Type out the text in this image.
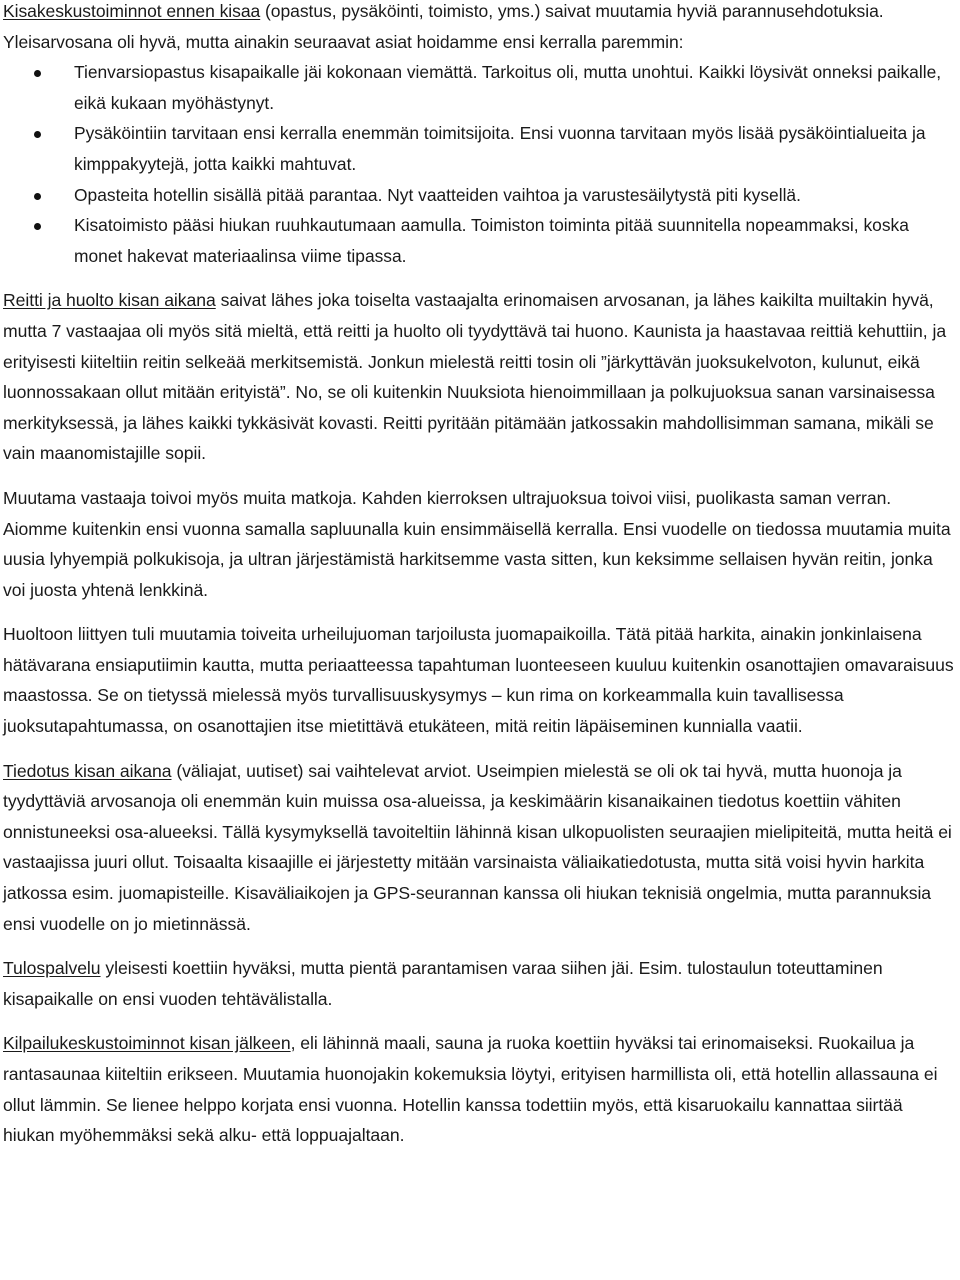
Kisakeskustoiminnot ennen kisaa (opastus, pysäköinti, toimisto, yms.) saivat muutamia hyviä parannusehdotuksia. Yleisarvosana oli hyvä, mutta ainakin seuraavat asiat hoidamme ensi kerralla paremmin:

Tienvarsiopastus kisapaikalle jäi kokonaan viemättä. Tarkoitus oli, mutta unohtui. Kaikki löysivät onneksi paikalle, eikä kukaan myöhästynyt.
Pysäköintiin tarvitaan ensi kerralla enemmän toimitsijoita. Ensi vuonna tarvitaan myös lisää pysäköintialueita ja kimppakyytejä, jotta kaikki mahtuvat.
Opasteita hotellin sisällä pitää parantaa. Nyt vaatteiden vaihtoa ja varustesäilytystä piti kysellä.
Kisatoimisto pääsi hiukan ruuhkautumaan aamulla. Toimiston toiminta pitää suunnitella nopeammaksi, koska monet hakevat materiaalinsa viime tipassa.

Reitti ja huolto kisan aikana saivat lähes joka toiselta vastaajalta erinomaisen arvosanan, ja lähes kaikilta muiltakin hyvä, mutta 7 vastaajaa oli myös sitä mieltä, että reitti ja huolto oli tyydyttävä tai huono. Kaunista ja haastavaa reittiä kehuttiin, ja erityisesti kiiteltiin reitin selkeää merkitsemistä. Jonkun mielestä reitti tosin oli ”järkyttävän juoksukelvoton, kulunut, eikä luonnossakaan ollut mitään erityistä”. No, se oli kuitenkin Nuuksiota hienoimmillaan ja polkujuoksua sanan varsinaisessa merkityksessä, ja lähes kaikki tykkäsivät kovasti. Reitti pyritään pitämään jatkossakin mahdollisimman samana, mikäli se vain maanomistajille sopii.

Muutama vastaaja toivoi myös muita matkoja. Kahden kierroksen ultrajuoksua toivoi viisi, puolikasta saman verran. Aiomme kuitenkin ensi vuonna samalla sapluunalla kuin ensimmäisellä kerralla. Ensi vuodelle on tiedossa muutamia muita uusia lyhyempiä polkukisoja, ja ultran järjestämistä harkitsemme vasta sitten, kun keksimme sellaisen hyvän reitin, jonka voi juosta yhtenä lenkkinä.

Huoltoon liittyen tuli muutamia toiveita urheilujuoman tarjoilusta juomapaikoilla. Tätä pitää harkita, ainakin jonkinlaisena hätävarana ensiaputiimin kautta, mutta periaatteessa tapahtuman luonteeseen kuuluu kuitenkin osanottajien omavaraisuus maastossa. Se on tietyssä mielessä myös turvallisuuskysymys – kun rima on korkeammalla kuin tavallisessa juoksutapahtumassa, on osanottajien itse mietittävä etukäteen, mitä reitin läpäiseminen kunnialla vaatii.

Tiedotus kisan aikana (väliajat, uutiset) sai vaihtelevat arviot. Useimpien mielestä se oli ok tai hyvä, mutta huonoja ja tyydyttäviä arvosanoja oli enemmän kuin muissa osa-alueissa, ja keskimäärin kisanaikainen tiedotus koettiin vähiten onnistuneeksi osa-alueeksi. Tällä kysymyksellä tavoiteltiin lähinnä kisan ulkopuolisten seuraajien mielipiteitä, mutta heitä ei vastaajissa juuri ollut. Toisaalta kisaajille ei järjestetty mitään varsinaista väliaikatiedotusta, mutta sitä voisi hyvin harkita jatkossa esim. juomapisteille. Kisaväliaikojen ja GPS-seurannan kanssa oli hiukan teknisiä ongelmia, mutta parannuksia ensi vuodelle on jo mietinnässä.

Tulospalvelu yleisesti koettiin hyväksi, mutta pientä parantamisen varaa siihen jäi. Esim. tulostaulun toteuttaminen kisapaikalle on ensi vuoden tehtävälistalla.

Kilpailukeskustoiminnot kisan jälkeen, eli lähinnä maali, sauna ja ruoka koettiin hyväksi tai erinomaiseksi. Ruokailua ja rantasaunaa kiiteltiin erikseen. Muutamia huonojakin kokemuksia löytyi, erityisen harmillista oli, että hotellin allassauna ei ollut lämmin. Se lienee helppo korjata ensi vuonna. Hotellin kanssa todettiin myös, että kisaruokailu kannattaa siirtää hiukan myöhemmäksi sekä alku- että loppuajaltaan.
